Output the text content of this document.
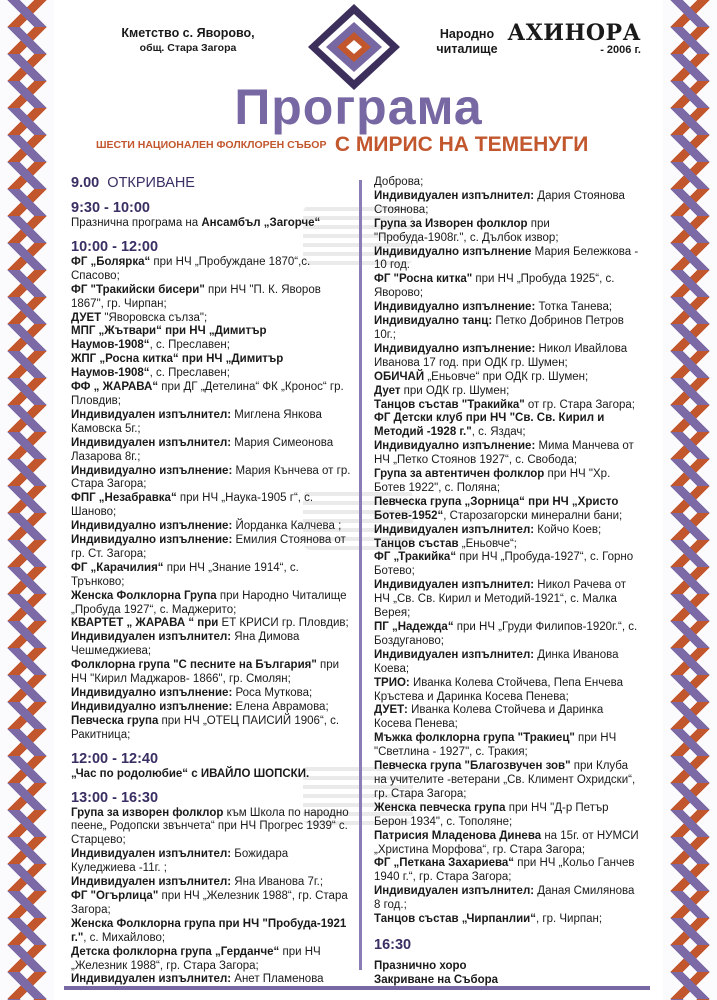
Кметство с. Яворово,
общ. Стара Загора
Народно
читалище
АХИНОРА
- 2006 г.
Програма
ШЕСТИ НАЦИОНАЛЕН ФОЛКЛОРЕН СЪБОР С МИРИС НА ТЕМЕНУГИ
9.00 ОТКРИВАНЕ
9:30 - 10:00

Празнична програма на Ансамбъл „Загорче“

10:00 - 12:00

ФГ „Болярка“ при НЧ „Пробуждане 1870“,с. Спасово;

ФГ "Тракийски бисери" при НЧ "П. К. Яворов 1867", гр. Чирпан;

ДУЕТ "Яворовска сълза";

МПГ „Жътвари“ при НЧ „Димитър Наумов-1908“, с. Преславен;

ЖПГ „Росна китка“ при НЧ „Димитър Наумов-1908“, с. Преславен;

ФФ „ ЖАРАВА“ при ДГ „Детелина“ ФК „Кронос“ гр. Пловдив;

Индивидуален изпълнител: Миглена Янкова Камовска 5г.;

Индивидуален изпълнител: Мария Симеонова Лазарова 8г.;

Индивидуално изпълнение: Мария Кънчева от гр. Стара Загора;

ФПГ „Незабравка“ при НЧ „Наука-1905 г“, с. Шаново;

Индивидуално изпълнение: Йорданка Калчева ;

Индивидуално изпълнение: Емилия Стоянова от гр. Ст. Загора;

ФГ „Карачилия“ при НЧ „Знание 1914“, с. Трънково;

Женска Фолклорна Група при Народно Читалище „Пробуда 1927“, с. Маджерито;

КВАРТЕТ „ ЖАРАВА “ при ЕТ КРИСИ гр. Пловдив;

Индивидуален изпълнител: Яна Димова Чешмеджиева;

Фолклорна група "С песните на България" при НЧ "Кирил Маджаров- 1866", гр. Смолян;

Индивидуално изпълнение: Роса Муткова;

Индивидуално изпълнение: Елена Аврамова;

Певческа група при НЧ „ОТЕЦ ПАИСИЙ 1906“, с. Ракитница;

12:00 - 12:40

„Час по родолюбие“ с ИВАЙЛО ШОПСКИ.

13:00 - 16:30

Група за изворен фолклор към Школа по народно пеене„ Родопски звънчета“ при НЧ Прогрес 1939“ с. Старцево;

Индивидуален изпълнител: Божидара Куледжиева -11г. ;

Индивидуален изпълнител: Яна Иванова 7г.;

ФГ "Огърлица" при НЧ „Железник 1988“, гр. Стара Загора;

Женска Фолклорна група при НЧ "Пробуда-1921 г.", с. Михайлово;

Детска фолклорна група „Герданче“ при НЧ „Железник 1988“, гр. Стара Загора;

Индивидуален изпълнител: Анет Пламенова

Доброва;

Индивидуален изпълнител: Дария Стоянова Стоянова;

Група за Изворен фолклор при "Пробуда-1908г.", с. Дълбок извор;

Индивидуално изпълнение Мария Бележкова - 10 год.

ФГ "Росна китка" при НЧ „Пробуда 1925“, с. Яворово;

Индивидуално изпълнение: Тотка Танева;

Индивидуално танц: Петко Добринов Петров 10г.;

Индивидуално изпълнение: Никол Ивайлова Иванова 17 год. при ОДК гр. Шумен;

ОБИЧАЙ „Еньовче“ при ОДК гр. Шумен;

Дует при ОДК гр. Шумен;

Танцов състав "Тракийка" от гр. Стара Загора;

ФГ Детски клуб при НЧ "Св. Св. Кирил и Методий -1928 г.", с. Яздач;

Индивидуално изпълнение: Мима Манчева от НЧ „Петко Стоянов 1927“, с. Свобода;

Група за автентичен фолклор при НЧ "Хр. Ботев 1922", с. Поляна;

Певческа група „Зорница“ при НЧ „Христо Ботев-1952“, Старозагорски минерални бани;

Индивидуален изпълнител: Койчо Коев;

Танцов състав „Еньовче“;

ФГ „Тракийка“ при НЧ „Пробуда-1927“, с. Горно Ботево;

Индивидуален изпълнител: Никол Рачева от НЧ „Св. Св. Кирил и Методий-1921“, с. Малка Верея;

ПГ „Надежда“ при НЧ „Груди Филипов-1920г.“, с. Боздуганово;

Индивидуален изпълнител: Динка Иванова Коева;

ТРИО: Иванка Колева Стойчева, Пепа Енчева Кръстева и Даринка Косева Пенева;

ДУЕТ: Иванка Колева Стойчева и Даринка Косева Пенева;

Мъжка фолклорна група "Тракиец" при НЧ "Светлина - 1927", с. Тракия;

Певческа група "Благозвучен зов" при Клуба на учителите -ветерани „Св. Климент Охридски“, гр. Стара Загора;

Женска певческа група при НЧ "Д-р Петър Берон 1934", с. Тополяне;

Патрисия Младенова Динева на 15г. от НУМСИ „Христина Морфова“, гр. Стара Загора;

ФГ „Петкана Захариева“ при НЧ „Кольо Ганчев 1940 г.“, гр. Стара Загора;

Индивидуален изпълнител: Даная Смилянова 8 год.;

Танцов състав „Чирпанлии“, гр. Чирпан;

16:30

Празнично хоро

Закриване на Събора
